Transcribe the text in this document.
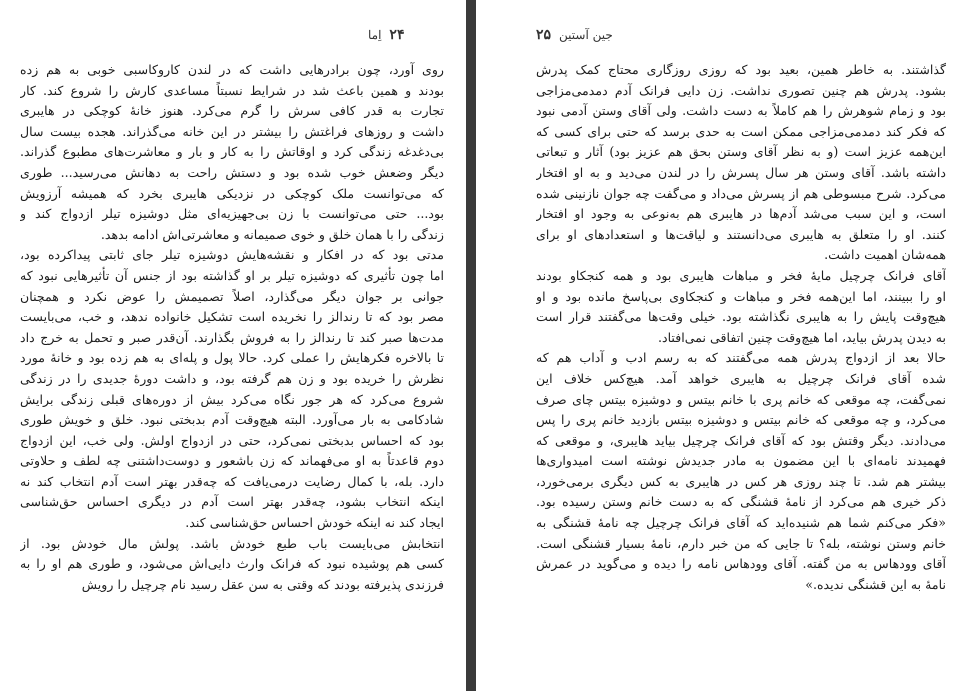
۲۴
اِما
روی آورد، چون برادرهایی داشت که در لندن کاروکاسبی خوبی به هم زده
بودند و همین باعث شد در شرایط نسبتاً مساعدی کارش را شروع کند. کار
تجارت به قدر کافی سرش را گرم می‌کرد. هنوز خانهٔ کوچکی در هایبری
داشت و روزهای فراغتش را بیشتر در این خانه می‌گذراند. هجده بیست سال
بی‌دغدغه زندگی کرد و اوقاتش را به کار و بار و معاشرت‌های مطبوع گذراند.
دیگر وضعش خوب شده بود و دستش راحت به دهانش می‌رسید... طوری
که می‌توانست ملک کوچکی در نزدیکی هایبری بخرد که همیشه آرزویش
بود... حتی می‌توانست با زن بی‌جهیزیه‌ای مثل دوشیزه تیلر ازدواج کند و
زندگی را با همان خلق و خوی صمیمانه و معاشرتی‌اش ادامه بدهد.
مدتی بود که در افکار و نقشه‌هایش دوشیزه تیلر جای ثابتی پیداکرده بود،
اما چون تأثیری که دوشیزه تیلر بر او گذاشته بود از جنس آن تأثیرهایی نبود که
جوانی بر جوان دیگر می‌گذارد، اصلاً تصمیمش را عوض نکرد و همچنان
مصر بود که تا رندالز را نخریده است تشکیل خانواده ندهد، و خب، می‌بایست
مدت‌ها صبر کند تا رندالز را به فروش بگذارند. آن‌قدر صبر و تحمل به خرج داد
تا بالاخره فکرهایش را عملی کرد. حالا پول و پله‌ای به هم زده بود و خانهٔ مورد
نظرش را خریده بود و زن هم گرفته بود، و داشت دورهٔ جدیدی را در زندگی
شروع می‌کرد که هر جور نگاه می‌کرد بیش از دوره‌های قبلی زندگی برایش
شادکامی به بار می‌آورد. البته هیچ‌وقت آدم بدبختی نبود. خلق و خویش طوری
بود که احساس بدبختی نمی‌کرد، حتی در ازدواج اولش. ولی خب، این ازدواج
دوم قاعدتاً به او می‌فهماند که زن باشعور و دوست‌داشتنی چه لطف و حلاوتی
دارد. بله، با کمال رضایت درمی‌یافت که چه‌قدر بهتر است آدم انتخاب کند نه
اینکه انتخاب بشود، چه‌قدر بهتر است آدم در دیگری احساس حق‌شناسی
ایجاد کند نه اینکه خودش احساس حق‌شناسی کند.
انتخابش می‌بایست باب طبع خودش باشد. پولش مال خودش بود. از
کسی هم پوشیده نبود که فرانک وارث دایی‌اش می‌شود، و طوری هم او را به
فرزندی پذیرفته بودند که وقتی به سن عقل رسید نام چرچیل را رویش
جین آستین
۲۵
گذاشتند. به خاطر همین، بعید بود که روزی روزگاری محتاج کمک پدرش
بشود. پدرش هم چنین تصوری نداشت. زن دایی فرانک آدم دمدمی‌مزاجی
بود و زمام شوهرش را هم کاملاً به دست داشت. ولی آقای وستن آدمی نبود
که فکر کند دمدمی‌مزاجی ممکن است به حدی برسد که حتی برای کسی که
این‌همه عزیز است (و به نظر آقای وستن بحق هم عزیز بود) آثار و تبعاتی
داشته باشد. آقای وستن هر سال پسرش را در لندن می‌دید و به او افتخار
می‌کرد. شرح مبسوطی هم از پسرش می‌داد و می‌گفت چه جوان نازنینی شده
است، و این سبب می‌شد آدم‌ها در هایبری هم به‌نوعی به وجود او افتخار
کنند. او را متعلق به هایبری می‌دانستند و لیاقت‌ها و استعدادهای او برای
همه‌شان اهمیت داشت.
آقای فرانک چرچیل مایهٔ فخر و مباهات هایبری بود و همه کنجکاو بودند
او را ببینند، اما این‌همه فخر و مباهات و کنجکاوی بی‌پاسخ مانده بود و او
هیچ‌وقت پایش را به هایبری نگذاشته بود. خیلی وقت‌ها می‌گفتند قرار است
به دیدن پدرش بیاید، اما هیچ‌وقت چنین اتفاقی نمی‌افتاد.
حالا بعد از ازدواج پدرش همه می‌گفتند که به رسم ادب و آداب هم که
شده آقای فرانک چرچیل به هایبری خواهد آمد. هیچ‌کس خلاف این
نمی‌گفت، چه موقعی که خانم پری با خانم بیتس و دوشیزه بیتس چای صرف
می‌کرد، و چه موقعی که خانم بیتس و دوشیزه بیتس بازدید خانم پری را پس
می‌دادند. دیگر وقتش بود که آقای فرانک چرچیل بیاید هایبری، و موقعی که
فهمیدند نامه‌ای با این مضمون به مادر جدیدش نوشته است امیدواری‌ها
بیشتر هم شد. تا چند روزی هر کس در هایبری به کس دیگری برمی‌خورد،
ذکر خیری هم می‌کرد از نامهٔ قشنگی که به دست خانم وستن رسیده بود.
«فکر می‌کنم شما هم شنیده‌اید که آقای فرانک چرچیل چه نامهٔ قشنگی به
خانم وستن نوشته، بله؟ تا جایی که من خبر دارم، نامهٔ بسیار قشنگی است.
آقای وودهاس به من گفته. آقای وودهاس نامه را دیده و می‌گوید در عمرش
نامهٔ به این قشنگی ندیده.»
